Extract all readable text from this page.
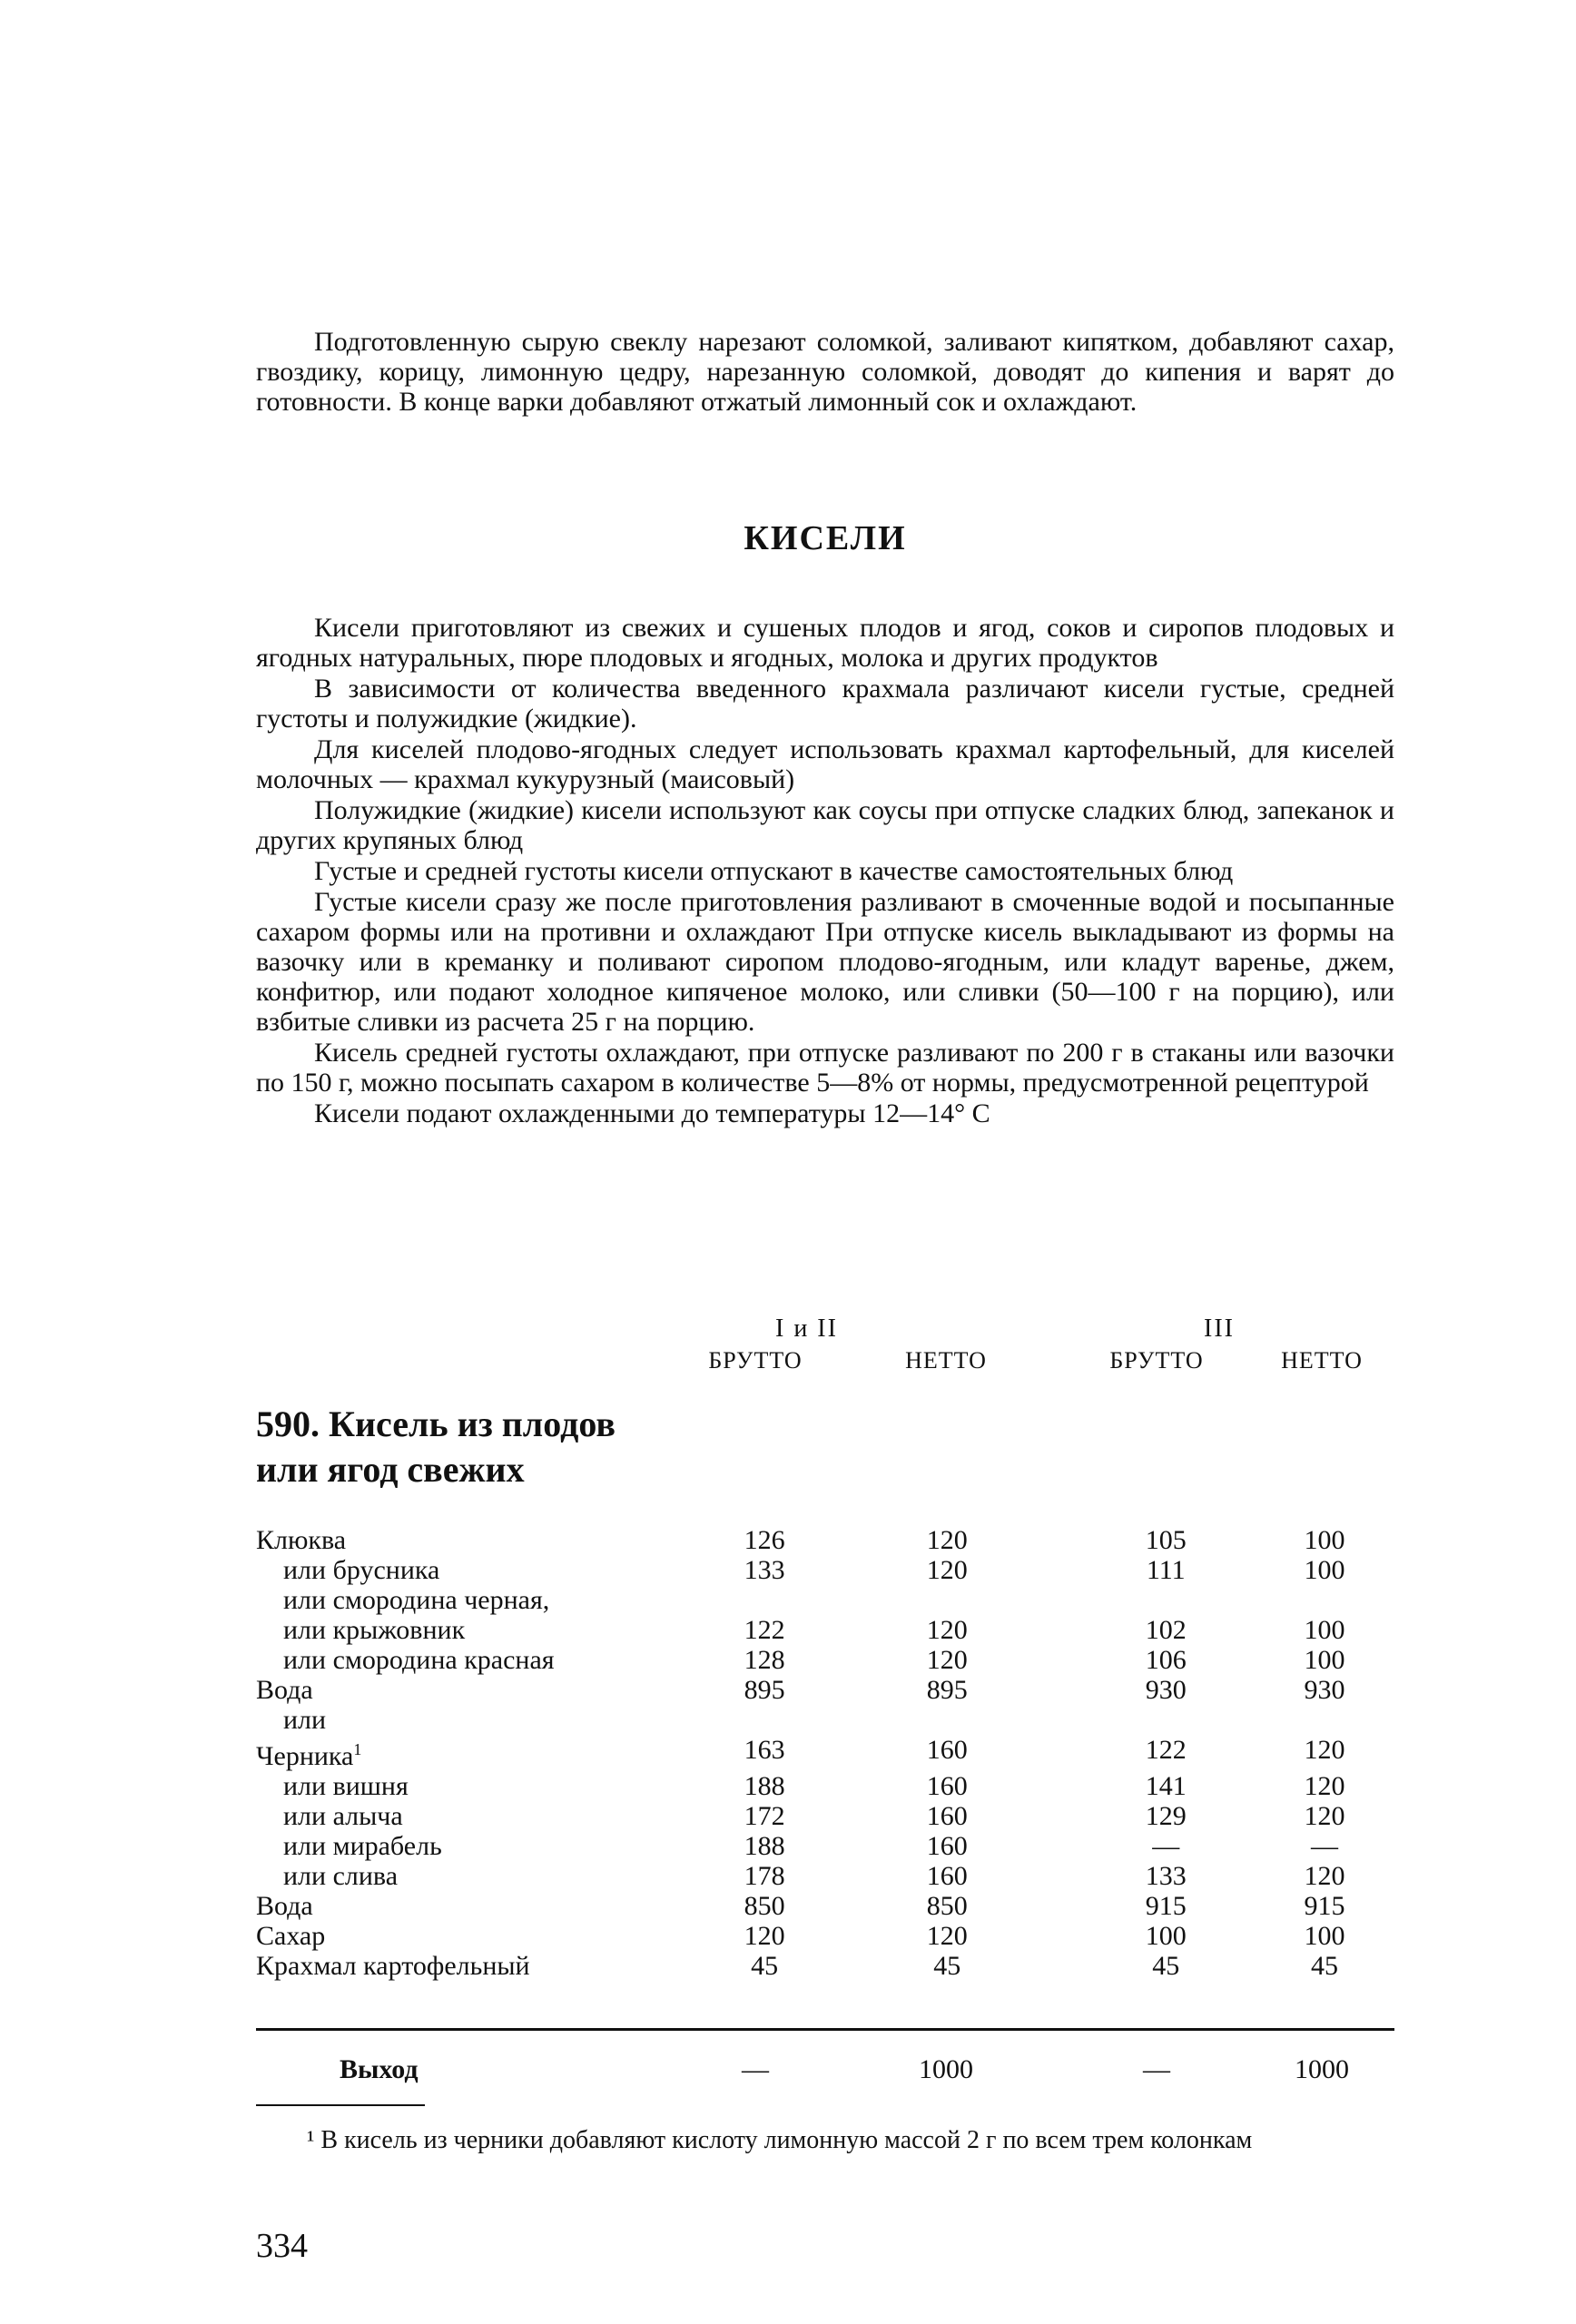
Подготовленную сырую свеклу нарезают соломкой, заливают кипятком, добавляют сахар, гвоздику, корицу, лимонную цедру, нарезанную соломкой, доводят до кипения и варят до готовности. В конце варки добавляют отжатый лимонный сок и охлаждают.

КИСЕЛИ

Кисели приготовляют из свежих и сушеных плодов и ягод, соков и сиропов плодовых и ягодных натуральных, пюре плодовых и ягодных, молока и других продуктов

В зависимости от количества введенного крахмала различают кисели густые, средней густоты и полужидкие (жидкие).

Для киселей плодово-ягодных следует использовать крахмал картофельный, для киселей молочных — крахмал кукурузный (маисовый)

Полужидкие (жидкие) кисели используют как соусы при отпуске сладких блюд, запеканок и других крупяных блюд

Густые и средней густоты кисели отпускают в качестве самостоятельных блюд

Густые кисели сразу же после приготовления разливают в смоченные водой и посыпанные сахаром формы или на противни и охлаждают При отпуске кисель выкладывают из формы на вазочку или в креманку и поливают сиропом плодово-ягодным, или кладут варенье, джем, конфитюр, или подают холодное кипяченое молоко, или сливки (50—100 г на порцию), или взбитые сливки из расчета 25 г на порцию.

Кисель средней густоты охлаждают, при отпуске разливают по 200 г в стаканы или вазочки по 150 г, можно посыпать сахаром в количестве 5—8% от нормы, предусмотренной рецептурой

Кисели подают охлажденными до температуры 12—14° С

I и II	III
БРУТТО	НЕТТО	БРУТТО	НЕТТО
590. Кисель из плодов или ягод свежих
Клюква	126		120		105		100
или брусника	133		120		111		100
или смородина черная,							
или крыжовник	122		120		102		100
или смородина красная	128		120		106		100
Вода	895		895		930		930
или							
Черника$^1$	163		160		122		120
или вишня	188		160		141		120
или алыча	172		160		129		120
или мирабель	188		160		—		—
или слива	178		160		133		120
Вода	850		850		915		915
Сахар	120		120		100		100
Крахмал картофельный	45		45		45		45
Выход	—	1000	—	1000
¹ В кисель из черники добавляют кислоту лимонную массой 2 г по всем трем колонкам
334
